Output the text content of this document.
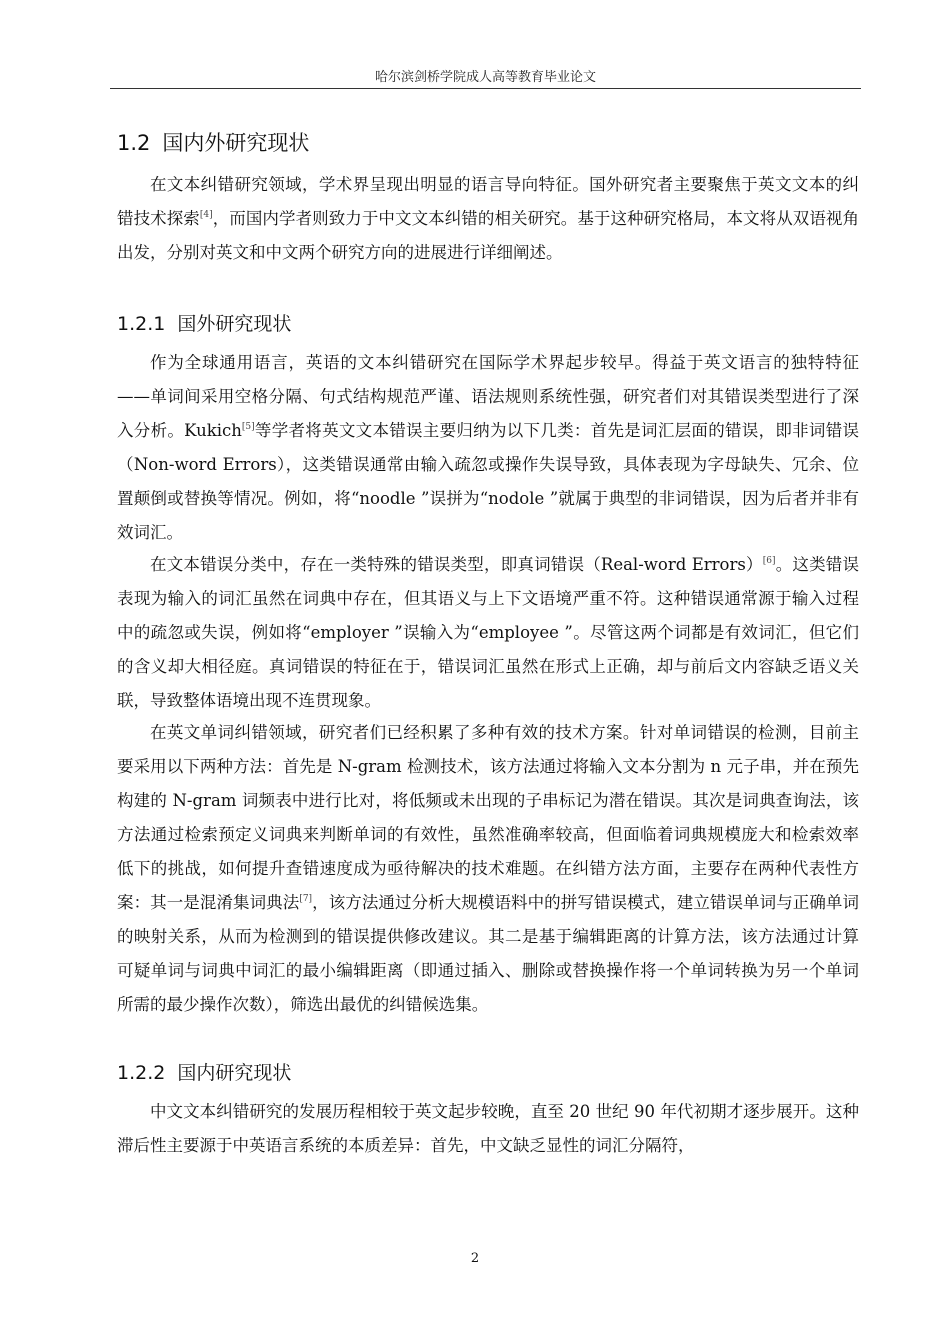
哈尔滨剑桥学院成人高等教育毕业论文
1.2 国内外研究现状

在文本纠错研究领域，学术界呈现出明显的语言导向特征。国外研究者主要聚焦于英文文本的纠错技术探索[4]，而国内学者则致力于中文文本纠错的相关研究。基于这种研究格局，本文将从双语视角出发，分别对英文和中文两个研究方向的进展进行详细阐述。

1.2.1 国外研究现状

作为全球通用语言，英语的文本纠错研究在国际学术界起步较早。得益于英文语言的独特特征——单词间采用空格分隔、句式结构规范严谨、语法规则系统性强，研究者们对其错误类型进行了深入分析。Kukich[5]等学者将英文文本错误主要归纳为以下几类：首先是词汇层面的错误，即非词错误（Non-word Errors），这类错误通常由输入疏忽或操作失误导致，具体表现为字母缺失、冗余、位置颠倒或替换等情况。例如，将“noodle ”误拼为“nodole ”就属于典型的非词错误，因为后者并非有效词汇。

在文本错误分类中，存在一类特殊的错误类型，即真词错误（Real-word Errors）[6]。这类错误表现为输入的词汇虽然在词典中存在，但其语义与上下文语境严重不符。这种错误通常源于输入过程中的疏忽或失误，例如将“employer ”误输入为“employee ”。尽管这两个词都是有效词汇，但它们的含义却大相径庭。真词错误的特征在于，错误词汇虽然在形式上正确，却与前后文内容缺乏语义关联，导致整体语境出现不连贯现象。

在英文单词纠错领域，研究者们已经积累了多种有效的技术方案。针对单词错误的检测，目前主要采用以下两种方法：首先是 N-gram 检测技术，该方法通过将输入文本分割为 n 元子串，并在预先构建的 N-gram 词频表中进行比对，将低频或未出现的子串标记为潜在错误。其次是词典查询法，该方法通过检索预定义词典来判断单词的有效性，虽然准确率较高，但面临着词典规模庞大和检索效率低下的挑战，如何提升查错速度成为亟待解决的技术难题。在纠错方法方面，主要存在两种代表性方案：其一是混淆集词典法[7]，该方法通过分析大规模语料中的拼写错误模式，建立错误单词与正确单词的映射关系，从而为检测到的错误提供修改建议。其二是基于编辑距离的计算方法，该方法通过计算可疑单词与词典中词汇的最小编辑距离（即通过插入、删除或替换操作将一个单词转换为另一个单词所需的最少操作次数），筛选出最优的纠错候选集。

1.2.2 国内研究现状

中文文本纠错研究的发展历程相较于英文起步较晚，直至 20 世纪 90 年代初期才逐步展开。这种滞后性主要源于中英语言系统的本质差异：首先，中文缺乏显性的词汇分隔符，

2
